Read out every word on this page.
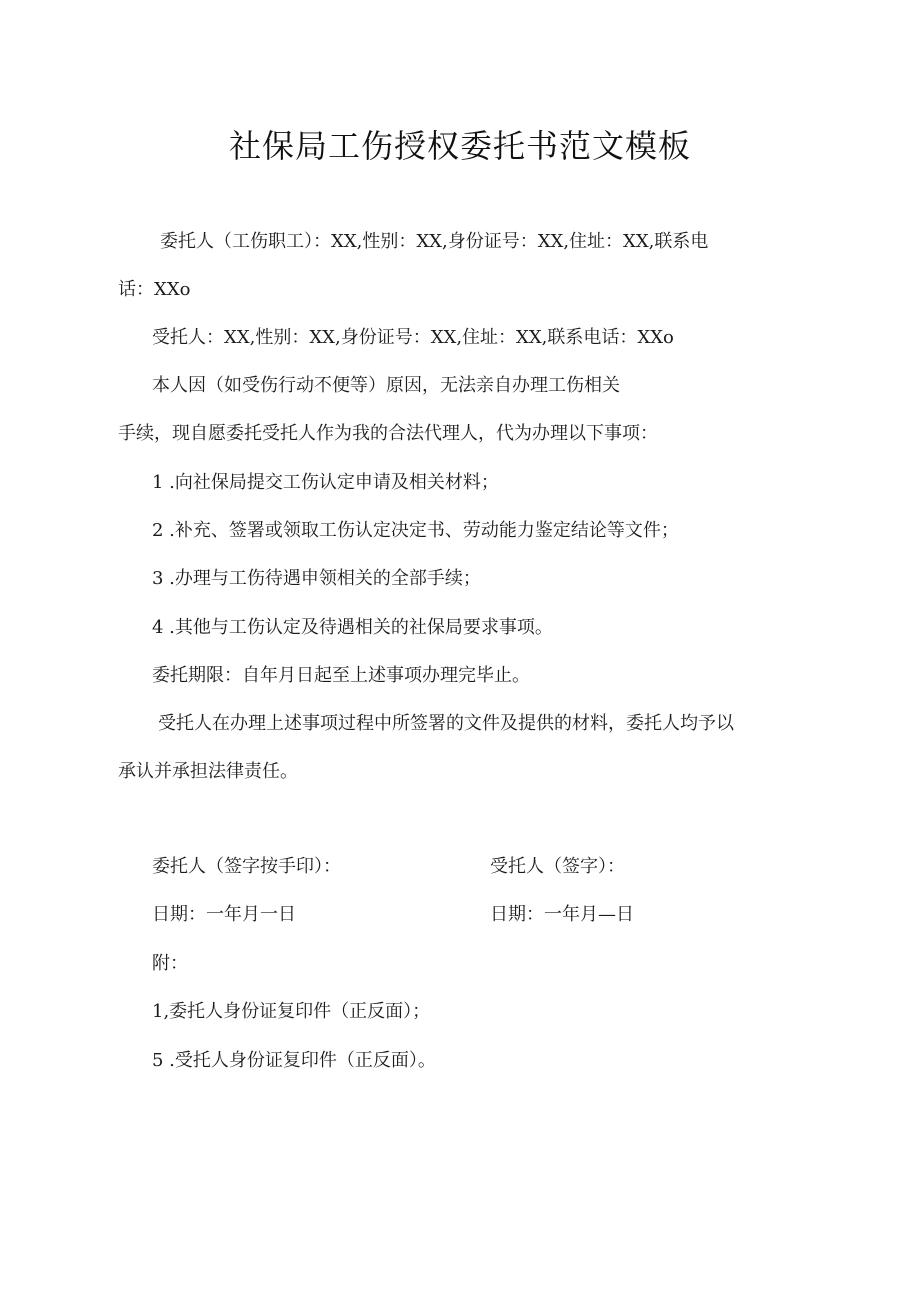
社保局工伤授权委托书范文模板
委托人（工伤职工）：XX,性别：XX,身份证号：XX,住址：XX,联系电
话：XXo
受托人：XX,性别：XX,身份证号：XX,住址：XX,联系电话：XXo
本人因（如受伤行动不便等）原因，无法亲自办理工伤相关
手续，现自愿委托受托人作为我的合法代理人，代为办理以下事项：
1 .向社保局提交工伤认定申请及相关材料；
2 .补充、签署或领取工伤认定决定书、劳动能力鉴定结论等文件；
3 .办理与工伤待遇申领相关的全部手续；
4 .其他与工伤认定及待遇相关的社保局要求事项。
委托期限：自年月日起至上述事项办理完毕止。
受托人在办理上述事项过程中所签署的文件及提供的材料，委托人均予以
承认并承担法律责任。
委托人（签字按手印）：	受托人（签字）：
日期：一年月一日	日期：一年月—日
附：
1,委托人身份证复印件（正反面）；
5 .受托人身份证复印件（正反面）。
